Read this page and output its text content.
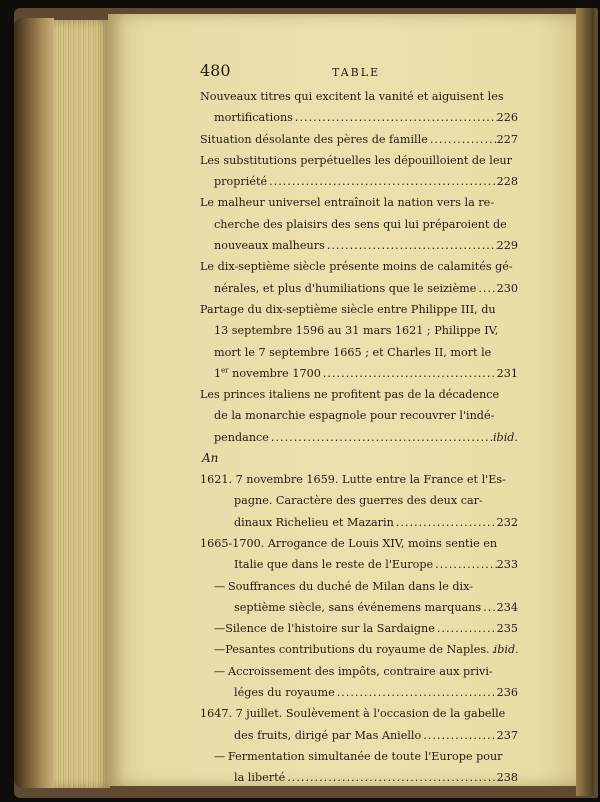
480	TABLE
Nouveaux titres qui excitent la vanité et aiguisent les
mortifications .....	226
Situation désolante des pères de famille .....	227
Les substitutions perpétuelles les dépouilloient de leur
propriété .....	228
Le malheur universel entraînoit la nation vers la re-
cherche des plaisirs des sens qui lui préparoient de
nouveaux malheurs .....	229
Le dix-septième siècle présente moins de calamités gé-
nérales, et plus d'humiliations que le seizième ..... 230
Partage du dix-septième siècle entre Philippe III, du
13 septembre 1596 au 31 mars 1621 ; Philippe IV,
mort le 7 septembre 1665 ; et Charles II, mort le
1er novembre 1700 .....	231
Les princes italiens ne profitent pas de la décadence
de la monarchie espagnole pour recouvrer l'indé-
pendance .....	ibid.
An
1621. 7 novembre 1659. Lutte entre la France et l'Es-
pagne. Caractère des guerres des deux car-
dinaux Richelieu et Mazarin .....	232
1665-1700. Arrogance de Louis XIV, moins sentie en
Italie que dans le reste de l'Europe .....	233
— Souffrances du duché de Milan dans le dix-
septième siècle, sans événemens marquans ..... 234
— Silence de l'histoire sur la Sardaigne .....	235
— Pesantes contributions du royaume de Naples. ..... ibid.
— Accroissement des impôts, contraire aux privi-
léges du royaume .....	236
1647. 7 juillet. Soulèvement à l'occasion de la gabelle
des fruits, dirigé par Mas Aniello .....	237
— Fermentation simultanée de toute l'Europe pour
la liberté .....	238
